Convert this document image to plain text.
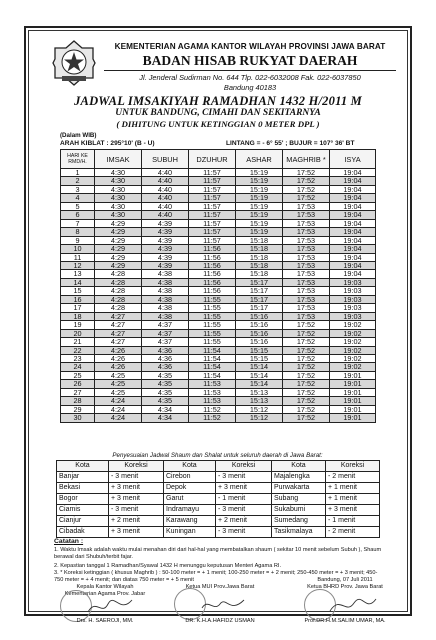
KEMENTERIAN AGAMA KANTOR WILAYAH PROVINSI JAWA BARAT
BADAN HISAB RUKYAT DAERAH
Jl. Jenderal Sudirman No. 644 Tlp. 022-6032008 Fak. 022-6037850
Bandung 40183
JADWAL IMSAKIYAH RAMADHAN 1432 H/2011 M
UNTUK BANDUNG, CIMAHI DAN SEKITARNYA
( DIHITUNG UNTUK KETINGGIAN 0 METER DPL )
(Dalam WIB)
ARAH KIBLAT : 295°10' (B - U)	LINTANG = - 6° 55' ; BUJUR = 107° 36' BT
HARI KE RMD/H.	IMSAK	SUBUH	DZUHUR	ASHAR	MAGHRIB *	ISYA
1	4:30	4:40	11:57	15:19	17:52	19:04
2	4:30	4:40	11:57	15:19	17:52	19:04
3	4:30	4:40	11:57	15:19	17:52	19:04
4	4:30	4:40	11:57	15:19	17:52	19:04
5	4:30	4:40	11:57	15:19	17:53	19:04
6	4:30	4:40	11:57	15:19	17:53	19:04
7	4:29	4:39	11:57	15:19	17:53	19:04
8	4:29	4:39	11:57	15:19	17:53	19:04
9	4:29	4:39	11:57	15:18	17:53	19:04
10	4:29	4:39	11:56	15:18	17:53	19:04
11	4:29	4:39	11:56	15:18	17:53	19:04
12	4:29	4:39	11:56	15:18	17:53	19:04
13	4:28	4:38	11:56	15:18	17:53	19:04
14	4:28	4:38	11:56	15:17	17:53	19:03
15	4:28	4:38	11:56	15:17	17:53	19:03
16	4:28	4:38	11:55	15:17	17:53	19:03
17	4:28	4:38	11:55	15:17	17:53	19:03
18	4:27	4:38	11:55	15:16	17:53	19:03
19	4:27	4:37	11:55	15:16	17:52	19:02
20	4:27	4:37	11:55	15:16	17:52	19:02
21	4:27	4:37	11:55	15:16	17:52	19:02
22	4:26	4:36	11:54	15:15	17:52	19:02
23	4:26	4:36	11:54	15:15	17:52	19:02
24	4:26	4:36	11:54	15:14	17:52	19:02
25	4:25	4:35	11:54	15:14	17:52	19:01
26	4:25	4:35	11:53	15:14	17:52	19:01
27	4:25	4:35	11:53	15:13	17:52	19:01
28	4:24	4:35	11:53	15:13	17:52	19:01
29	4:24	4:34	11:52	15:12	17:52	19:01
30	4:24	4:34	11:52	15:12	17:52	19:01
Penyesuaian Jadwal Shaum dan Shalat untuk seluruh daerah di Jawa Barat:
Kota	Koreksi	Kota	Koreksi	Kota	Koreksi
Banjar	- 3 menit	Cirebon	- 3 menit	Majalengka	- 2 menit
Bekasi	+ 3 menit	Depok	+ 3 menit	Purwakarta	+ 1 menit
Bogor	+ 3 menit	Garut	- 1 menit	Subang	+ 1 menit
Ciamis	- 3 menit	Indramayu	- 3 menit	Sukabumi	+ 3 menit
Cianjur	+ 2 menit	Karawang	+ 2 menit	Sumedang	- 1 menit
Cibadak	+ 3 menit	Kuningan	- 3 menit	Tasikmalaya	- 2 menit
Catatan :
1. Waktu Imsak adalah waktu mulai menahan diri dari hal-hal yang membatalkan shaum ( sekitar 10 menit sebelum Subuh ), Shaum berawal dari Shubuh/terbit fajar.
2. Kepastian tanggal 1 Ramadhan/Syawal 1432 H menunggu keputusan Menteri Agama RI.
3. * Koreksi ketinggian ( khusus Maghrib ) : 50-100 meter = + 1 menit; 100-250 meter = + 2 menit; 250-450 meter = + 3 menit; 450-750 meter = + 4 menit; dan diatas 750 meter = + 5 menit
Kepala Kantor Wilayah
Kementerian Agama Prov. Jabar
Drs. H. SAEROJI, MM.
Ketua MUI Prov.Jawa Barat
DR. K.H.A.HAFIDZ USMAN
Bandung, 07 Juli 2011
Ketua BHRD Prov. Jawa Barat
Prof.DR.H.M.SALIM UMAR, MA.
